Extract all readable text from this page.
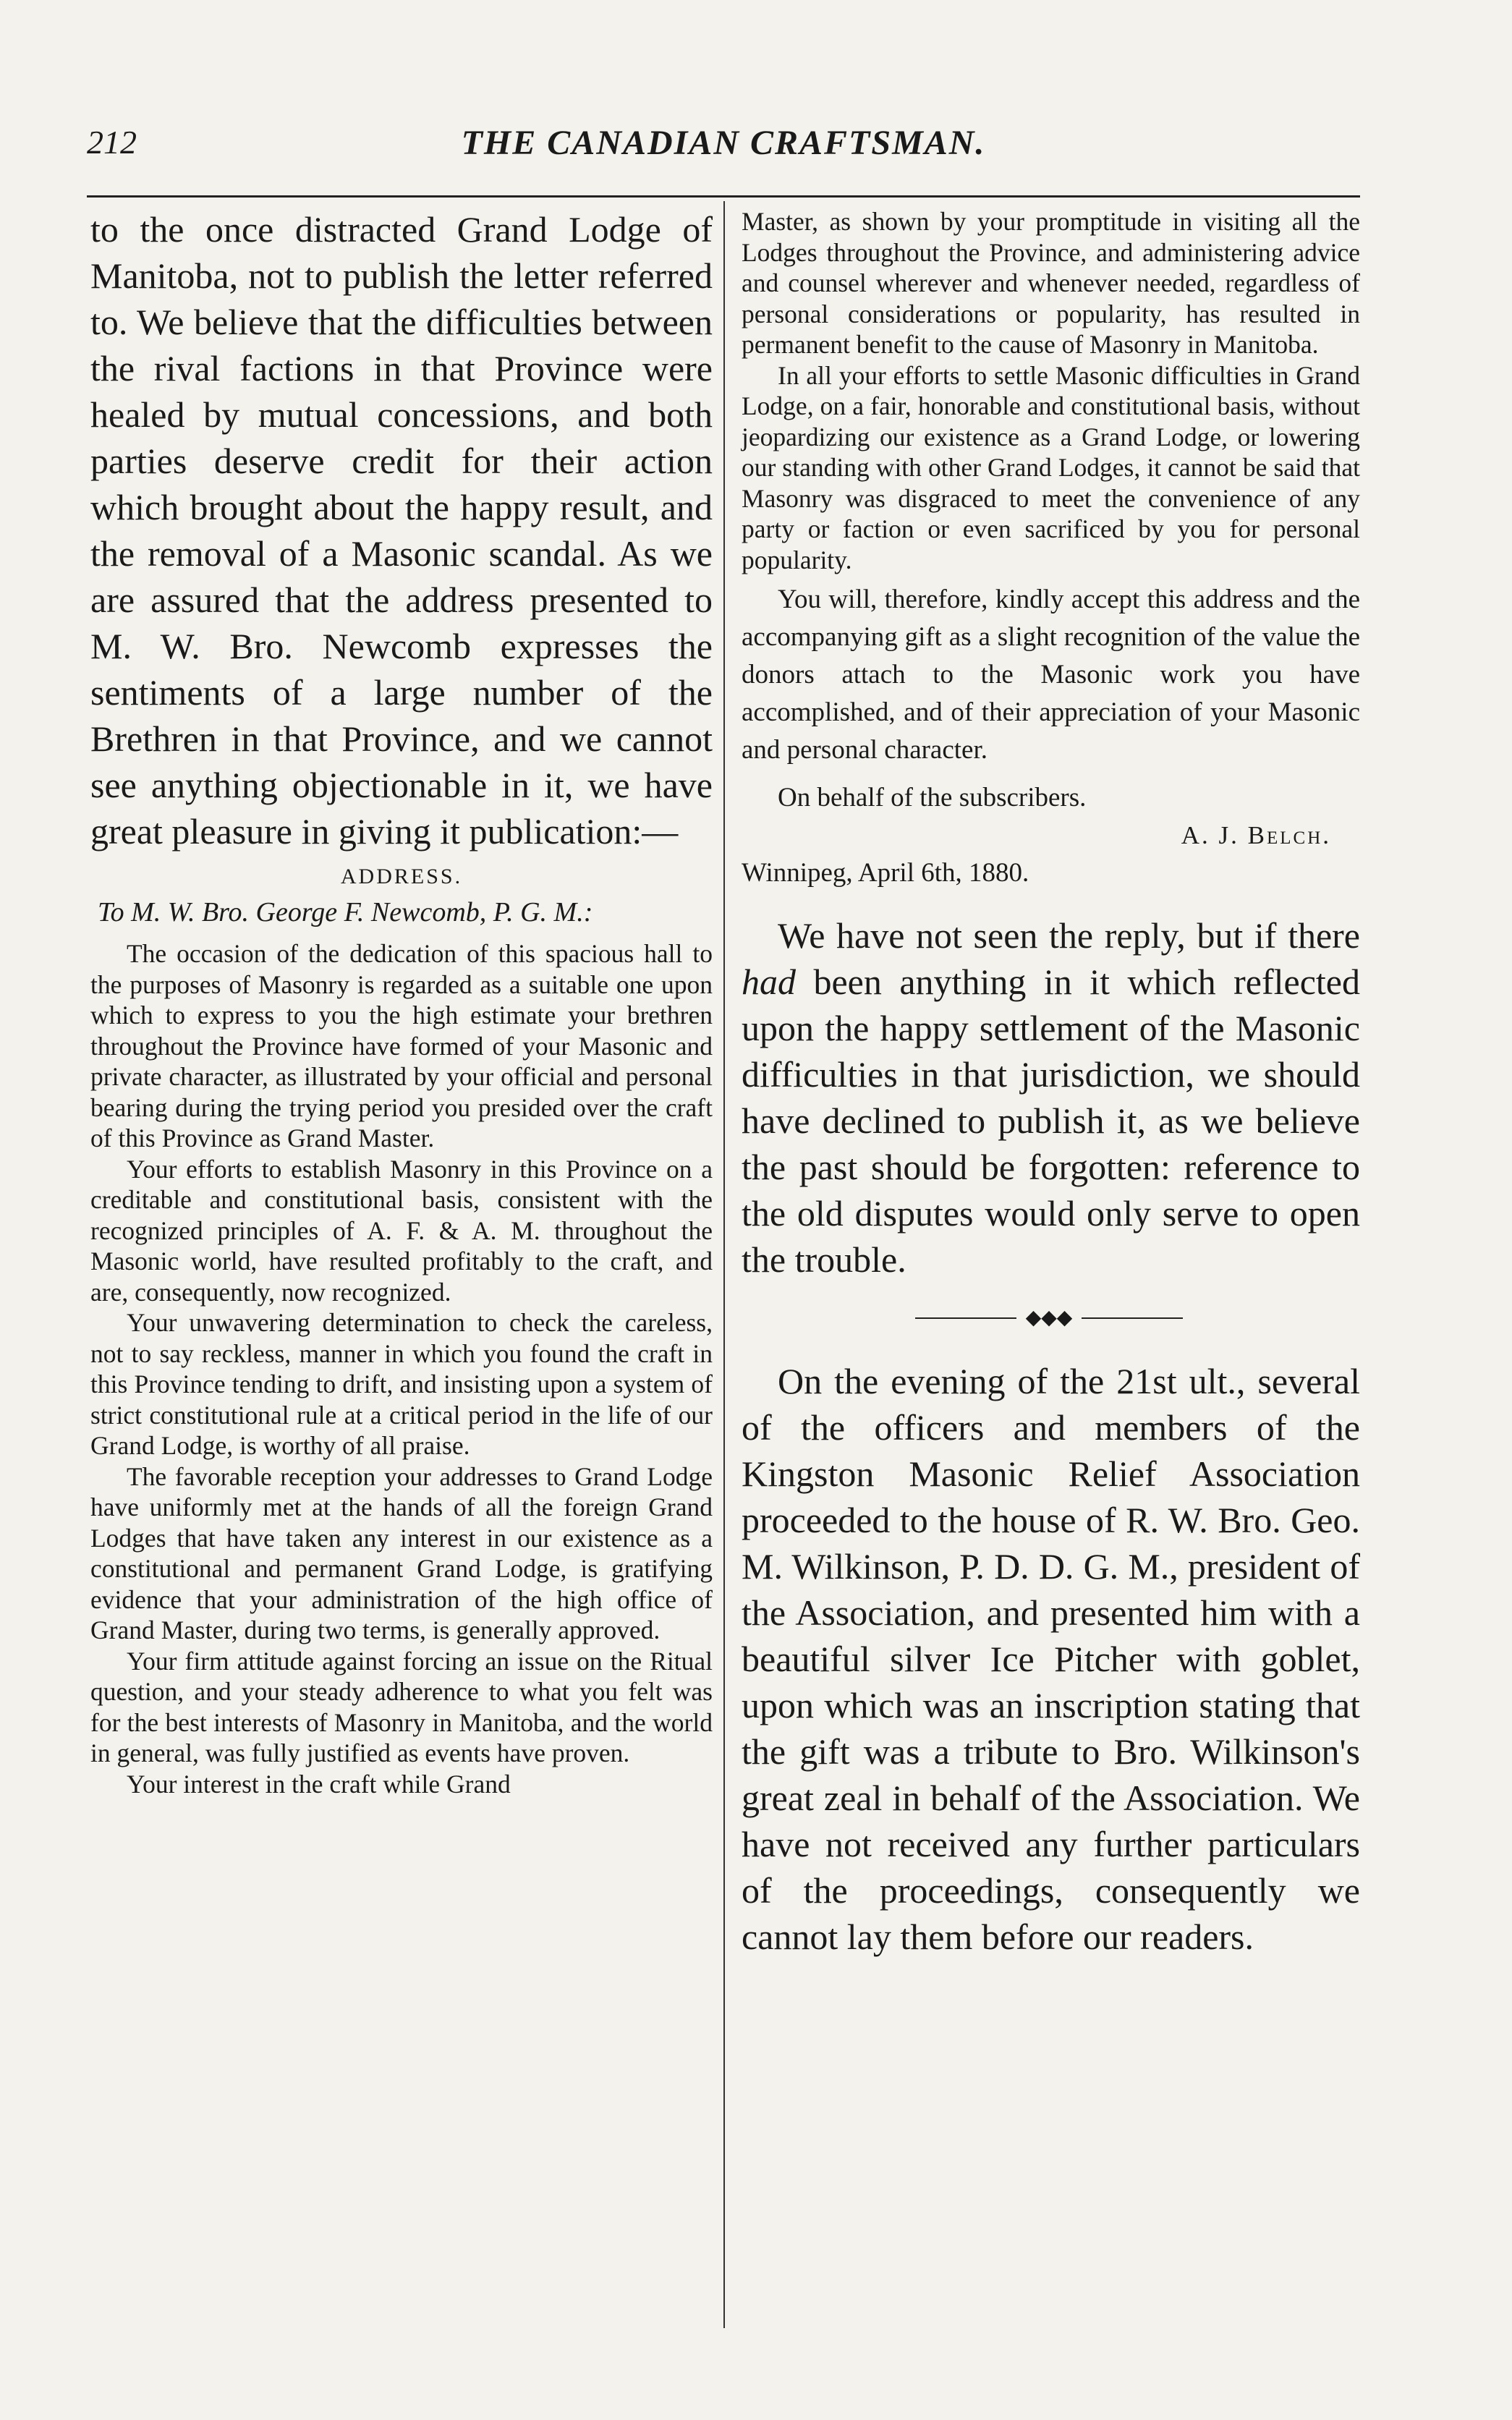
212	THE CANADIAN CRAFTSMAN.

to the once distracted Grand Lodge of Manitoba, not to publish the letter referred to. We believe that the difficulties between the rival factions in that Province were healed by mutual concessions, and both parties deserve credit for their action which brought about the happy result, and the removal of a Masonic scandal. As we are assured that the address presented to M. W. Bro. Newcomb expresses the sentiments of a large number of the Brethren in that Province, and we cannot see anything objectionable in it, we have great pleasure in giving it publication:—

ADDRESS.
To M. W. Bro. George F. Newcomb, P. G. M.:

The occasion of the dedication of this spacious hall to the purposes of Masonry is regarded as a suitable one upon which to express to you the high estimate your brethren throughout the Province have formed of your Masonic and private character, as illustrated by your official and personal bearing during the trying period you presided over the craft of this Province as Grand Master.

Your efforts to establish Masonry in this Province on a creditable and constitutional basis, consistent with the recognized principles of A. F. & A. M. throughout the Masonic world, have resulted profitably to the craft, and are, consequently, now recognized.

Your unwavering determination to check the careless, not to say reckless, manner in which you found the craft in this Province tending to drift, and insisting upon a system of strict constitutional rule at a critical period in the life of our Grand Lodge, is worthy of all praise.

The favorable reception your addresses to Grand Lodge have uniformly met at the hands of all the foreign Grand Lodges that have taken any interest in our existence as a constitutional and permanent Grand Lodge, is gratifying evidence that your administration of the high office of Grand Master, during two terms, is generally approved.

Your firm attitude against forcing an issue on the Ritual question, and your steady adherence to what you felt was for the best interests of Masonry in Manitoba, and the world in general, was fully justified as events have proven.

Your interest in the craft while Grand

Master, as shown by your promptitude in visiting all the Lodges throughout the Province, and administering advice and counsel wherever and whenever needed, regardless of personal considerations or popularity, has resulted in permanent benefit to the cause of Masonry in Manitoba.

In all your efforts to settle Masonic difficulties in Grand Lodge, on a fair, honorable and constitutional basis, without jeopardizing our existence as a Grand Lodge, or lowering our standing with other Grand Lodges, it cannot be said that Masonry was disgraced to meet the convenience of any party or faction or even sacrificed by you for personal popularity.

You will, therefore, kindly accept this address and the accompanying gift as a slight recognition of the value the donors attach to the Masonic work you have accomplished, and of their appreciation of your Masonic and personal character.

On behalf of the subscribers.

A. J. Belch.

Winnipeg, April 6th, 1880.

We have not seen the reply, but if there had been anything in it which reflected upon the happy settlement of the Masonic difficulties in that jurisdiction, we should have declined to publish it, as we believe the past should be forgotten: reference to the old disputes would only serve to open the trouble.

◆◆◆

On the evening of the 21st ult., several of the officers and members of the Kingston Masonic Relief Association proceeded to the house of R. W. Bro. Geo. M. Wilkinson, P. D. D. G. M., president of the Association, and presented him with a beautiful silver Ice Pitcher with goblet, upon which was an inscription stating that the gift was a tribute to Bro. Wilkinson's great zeal in behalf of the Association. We have not received any further particulars of the proceedings, consequently we cannot lay them before our readers.
